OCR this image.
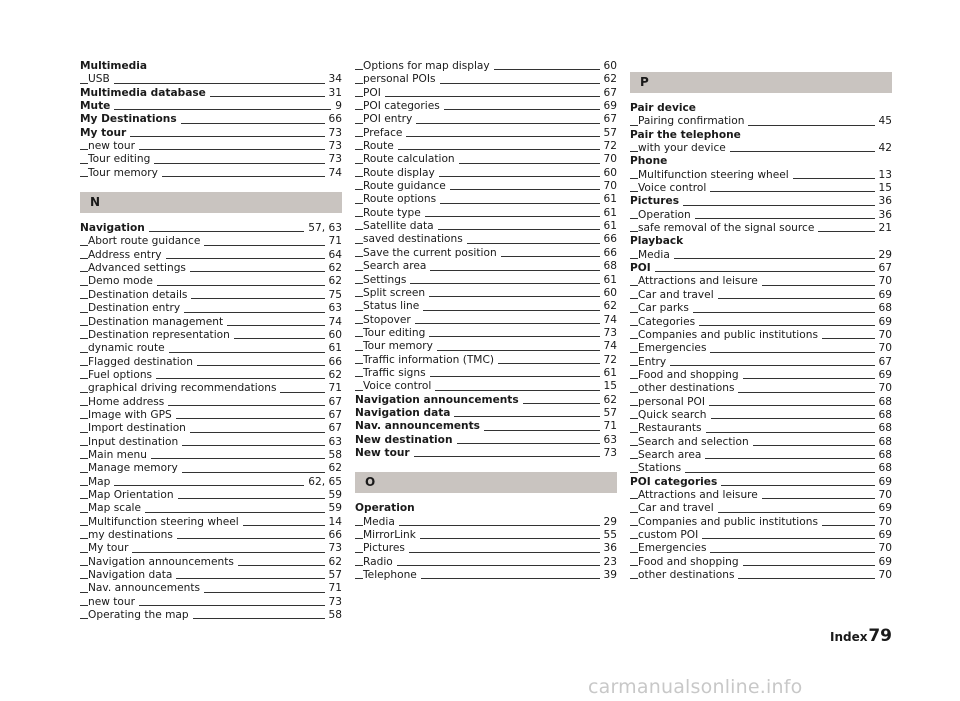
Multimedia
USB	34
Multimedia database	31
Mute	9
My Destinations	66
My tour	73
new tour	73
Tour editing	73
Tour memory	74
N
Navigation	57, 63
Abort route guidance	71
Address entry	64
Advanced settings	62
Demo mode	62
Destination details	75
Destination entry	63
Destination management	74
Destination representation	60
dynamic route	61
Flagged destination	66
Fuel options	62
graphical driving recommendations	71
Home address	67
Image with GPS	67
Import destination	67
Input destination	63
Main menu	58
Manage memory	62
Map	62, 65
Map Orientation	59
Map scale	59
Multifunction steering wheel	14
my destinations	66
My tour	73
Navigation announcements	62
Navigation data	57
Nav. announcements	71
new tour	73
Operating the map	58
Options for map display	60
personal POIs	62
POI	67
POI categories	69
POI entry	67
Preface	57
Route	72
Route calculation	70
Route display	60
Route guidance	70
Route options	61
Route type	61
Satellite data	61
saved destinations	66
Save the current position	66
Search area	68
Settings	61
Split screen	60
Status line	62
Stopover	74
Tour editing	73
Tour memory	74
Traffic information (TMC)	72
Traffic signs	61
Voice control	15
Navigation announcements	62
Navigation data	57
Nav. announcements	71
New destination	63
New tour	73
O
Operation
Media	29
MirrorLink	55
Pictures	36
Radio	23
Telephone	39
P
Pair device
Pairing confirmation	45
Pair the telephone
with your device	42
Phone
Multifunction steering wheel	13
Voice control	15
Pictures	36
Operation	36
safe removal of the signal source	21
Playback
Media	29
POI	67
Attractions and leisure	70
Car and travel	69
Car parks	68
Categories	69
Companies and public institutions	70
Emergencies	70
Entry	67
Food and shopping	69
other destinations	70
personal POI	68
Quick search	68
Restaurants	68
Search and selection	68
Search area	68
Stations	68
POI categories	69
Attractions and leisure	70
Car and travel	69
Companies and public institutions	70
custom POI	69
Emergencies	70
Food and shopping	69
other destinations	70
Index 79
carmanualsonline.info
